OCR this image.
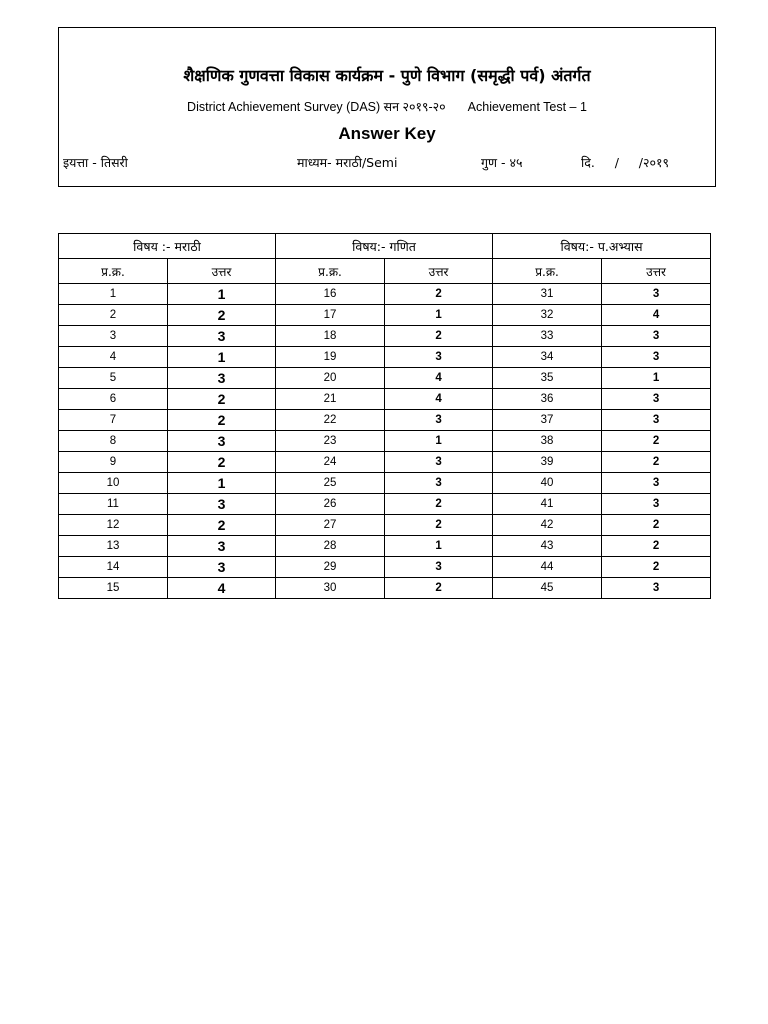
शैक्षणिक गुणवत्ता विकास कार्यक्रम - पुणे विभाग (समृद्धी पर्व) अंतर्गत
District Achievement Survey (DAS) सन २०१९-२० Achievement Test – 1
Answer Key
इयत्ता - तिसरी	माध्यम- मराठी/Semi	गुण - ४५	दि.     /     /२०१९
विषय :- मराठी		विषय:- गणित		विषय:- प.अभ्यास	
प्र.क्र.	उत्तर	प्र.क्र.	उत्तर	प्र.क्र.	उत्तर
1	1	16	2	31	3
2	2	17	1	32	4
3	3	18	2	33	3
4	1	19	3	34	3
5	3	20	4	35	1
6	2	21	4	36	3
7	2	22	3	37	3
8	3	23	1	38	2
9	2	24	3	39	2
10	1	25	3	40	3
11	3	26	2	41	3
12	2	27	2	42	2
13	3	28	1	43	2
14	3	29	3	44	2
15	4	30	2	45	3
